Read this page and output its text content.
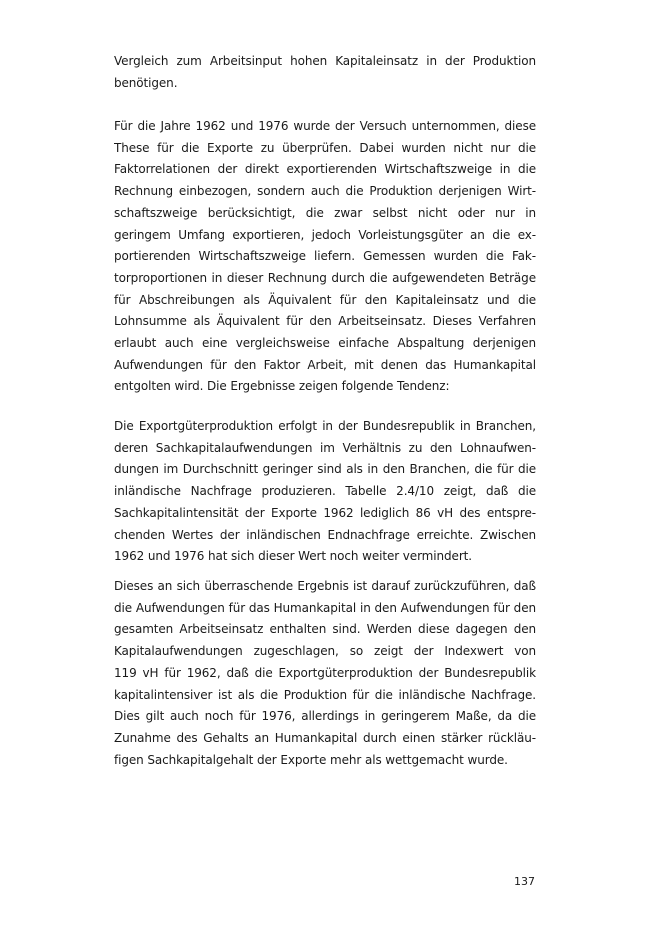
Vergleich zum Arbeitsinput hohen Kapitaleinsatz in der Produktion
benötigen.
Für die Jahre 1962 und 1976 wurde der Versuch unternommen, diese
These für die Exporte zu überprüfen. Dabei wurden nicht nur die
Faktorrelationen der direkt exportierenden Wirtschaftszweige in die
Rechnung einbezogen, sondern auch die Produktion derjenigen Wirt-
schaftszweige berücksichtigt, die zwar selbst nicht oder nur in
geringem Umfang exportieren, jedoch Vorleistungsgüter an die ex-
portierenden Wirtschaftszweige liefern. Gemessen wurden die Fak-
torproportionen in dieser Rechnung durch die aufgewendeten Beträge
für Abschreibungen als Äquivalent für den Kapitaleinsatz und die
Lohnsumme als Äquivalent für den Arbeitseinsatz. Dieses Verfahren
erlaubt auch eine vergleichsweise einfache Abspaltung derjenigen
Aufwendungen für den Faktor Arbeit, mit denen das Humankapital
entgolten wird. Die Ergebnisse zeigen folgende Tendenz:
Die Exportgüterproduktion erfolgt in der Bundesrepublik in Branchen,
deren Sachkapitalaufwendungen im Verhältnis zu den Lohnaufwen-
dungen im Durchschnitt geringer sind als in den Branchen, die für die
inländische Nachfrage produzieren. Tabelle 2.4/10 zeigt, daß die
Sachkapitalintensität der Exporte 1962 lediglich 86 vH des entspre-
chenden Wertes der inländischen Endnachfrage erreichte. Zwischen
1962 und 1976 hat sich dieser Wert noch weiter vermindert.
Dieses an sich überraschende Ergebnis ist darauf zurückzuführen, daß
die Aufwendungen für das Humankapital in den Aufwendungen für den
gesamten Arbeitseinsatz enthalten sind. Werden diese dagegen den
Kapitalaufwendungen zugeschlagen, so zeigt der Indexwert von
119 vH für 1962, daß die Exportgüterproduktion der Bundesrepublik
kapitalintensiver ist als die Produktion für die inländische Nachfrage.
Dies gilt auch noch für 1976, allerdings in geringerem Maße, da die
Zunahme des Gehalts an Humankapital durch einen stärker rückläu-
figen Sachkapitalgehalt der Exporte mehr als wettgemacht wurde.
137
